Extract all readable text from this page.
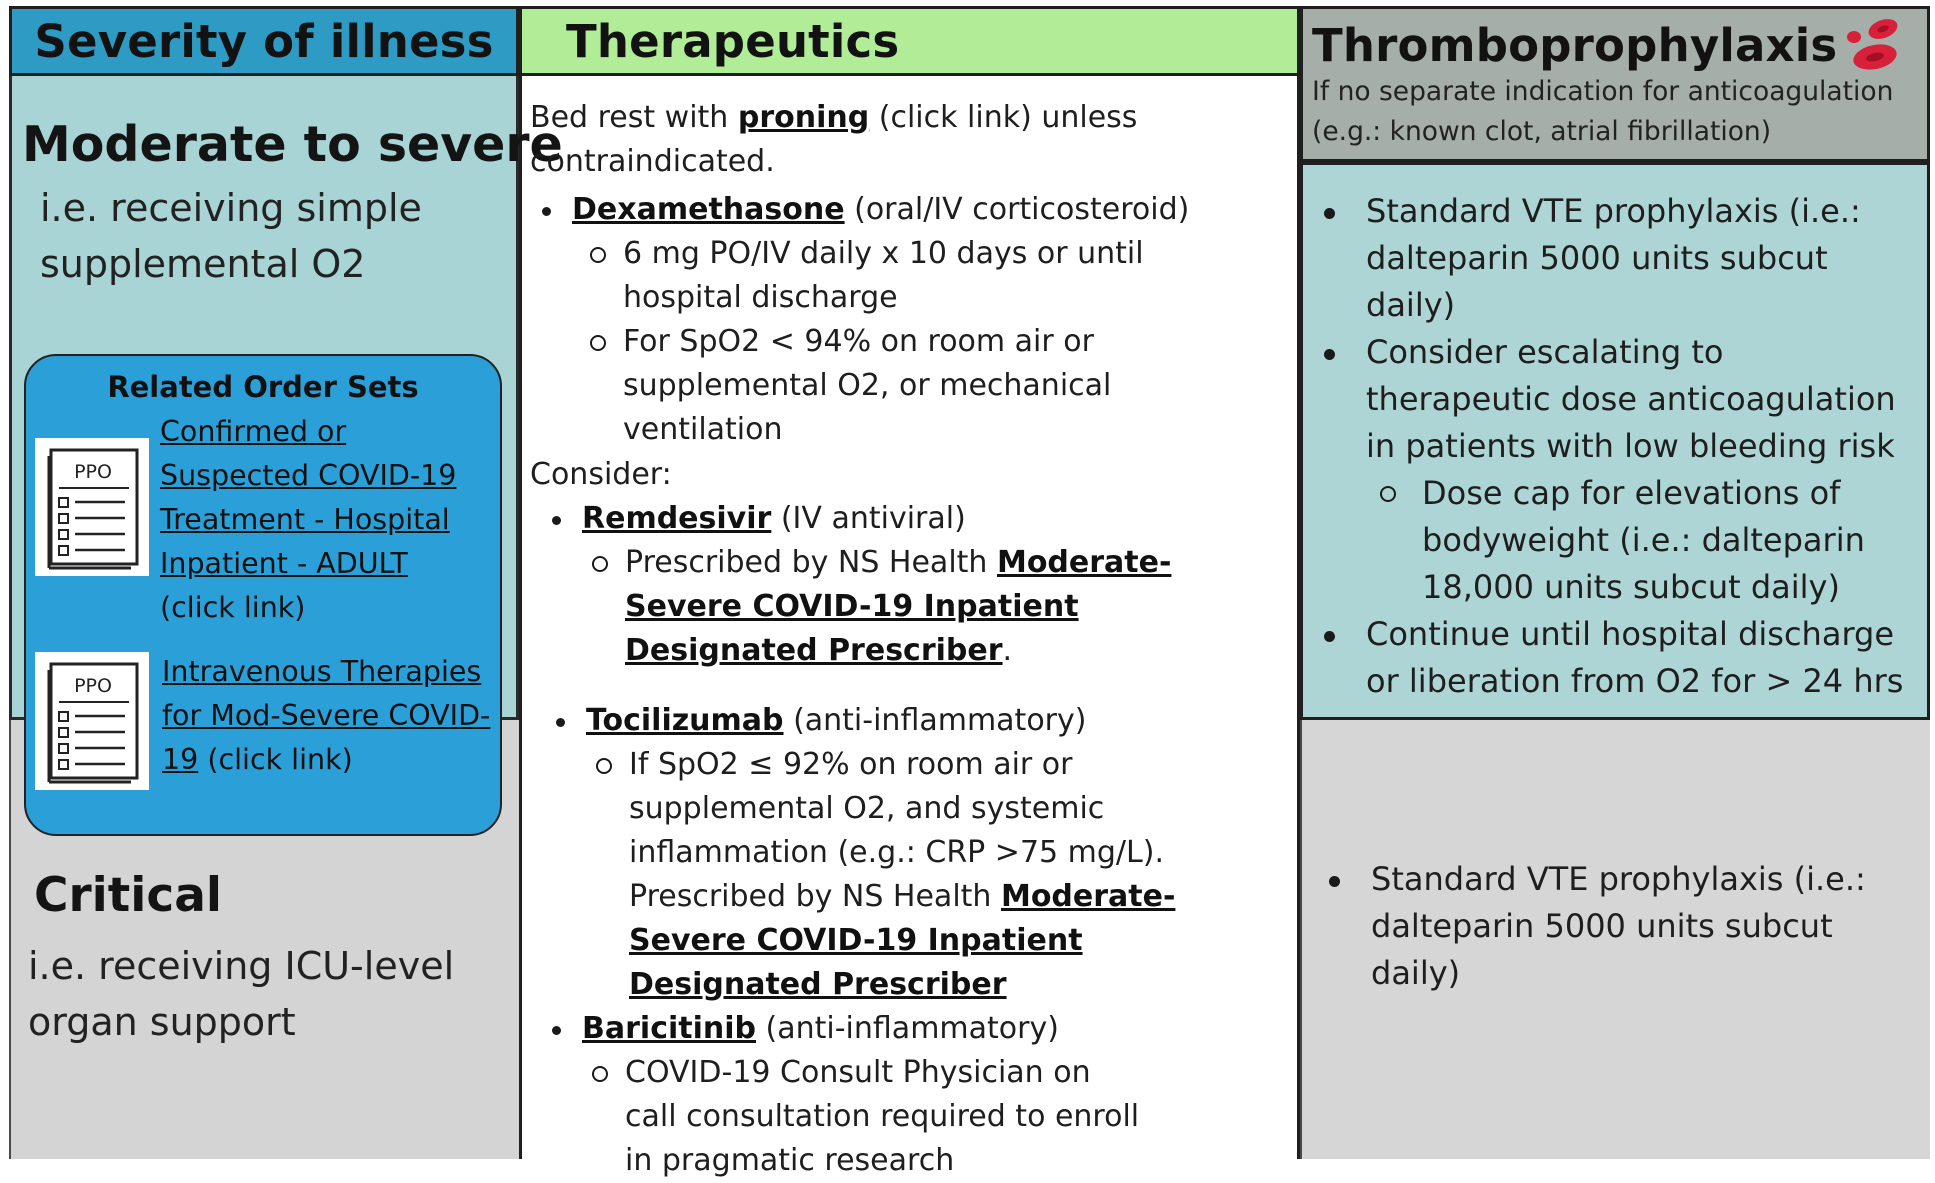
Severity of illness Therapeutics	Thromboprophylaxis
If no separate indication for anticoagulation (e.g.: known clot, atrial fibrillation)
Moderate to severe
i.e. receiving simple supplemental O2
Related Order Sets
PPO
Confirmed or Suspected COVID-19 Treatment - Hospital Inpatient - ADULT
(click link)
PPO Intravenous Therapies for Mod-Severe COVID-19 (click link)
Critical
i.e. receiving ICU-level organ support

Bed rest with proning (click link) unless contraindicated.

Dexamethasone (oral/IV corticosteroid)
6 mg PO/IV daily x 10 days or until hospital discharge
For SpO2 < 94% on room air or supplemental O2, or mechanical ventilation

Consider:

Remdesivir (IV antiviral)
Prescribed by NS Health Moderate-Severe COVID-19 Inpatient Designated Prescriber.
Tocilizumab (anti-inflammatory)
If SpO2 ≤ 92% on room air or supplemental O2, and systemic inflammation (e.g.: CRP >75 mg/L). Prescribed by NS Health Moderate-Severe COVID-19 Inpatient Designated Prescriber
Baricitinib (anti-inflammatory)
COVID-19 Consult Physician on call consultation required to enroll in pragmatic research
Standard VTE prophylaxis (i.e.: dalteparin 5000 units subcut daily)
Consider escalating to therapeutic dose anticoagulation in patients with low bleeding risk
Dose cap for elevations of bodyweight (i.e.: dalteparin 18,000 units subcut daily)
Continue until hospital discharge or liberation from O2 for > 24 hrs
Standard VTE prophylaxis (i.e.: dalteparin 5000 units subcut daily)
